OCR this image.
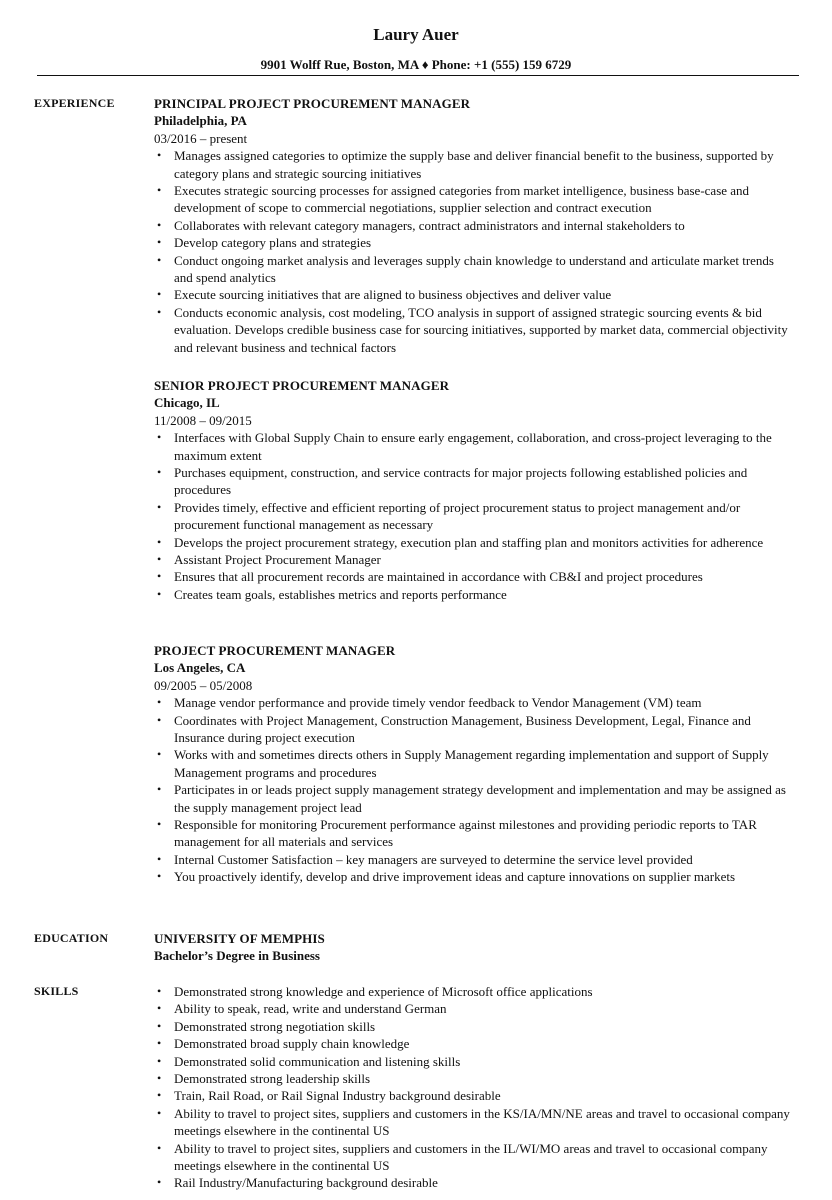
Laury Auer
9901 Wolff Rue, Boston, MA ♦ Phone: +1 (555) 159 6729
EXPERIENCE	PRINCIPAL PROJECT PROCUREMENT MANAGER
Philadelphia, PA
03/2016 – present
• Manages assigned categories to optimize the supply base and deliver financial benefit to the business, supported by category plans and strategic sourcing initiatives
• Executes strategic sourcing processes for assigned categories from market intelligence, business base-case and development of scope to commercial negotiations, supplier selection and contract execution
• Collaborates with relevant category managers, contract administrators and internal stakeholders to
• Develop category plans and strategies
• Conduct ongoing market analysis and leverages supply chain knowledge to understand and articulate market trends and spend analytics
• Execute sourcing initiatives that are aligned to business objectives and deliver value
• Conducts economic analysis, cost modeling, TCO analysis in support of assigned strategic sourcing events & bid evaluation. Develops credible business case for sourcing initiatives, supported by market data, commercial objectivity and relevant business and technical factors
SENIOR PROJECT PROCUREMENT MANAGER
Chicago, IL
11/2008 – 09/2015
• Interfaces with Global Supply Chain to ensure early engagement, collaboration, and cross-project leveraging to the maximum extent
• Purchases equipment, construction, and service contracts for major projects following established policies and procedures
• Provides timely, effective and efficient reporting of project procurement status to project management and/or procurement functional management as necessary
• Develops the project procurement strategy, execution plan and staffing plan and monitors activities for adherence
• Assistant Project Procurement Manager
• Ensures that all procurement records are maintained in accordance with CB&I and project procedures
• Creates team goals, establishes metrics and reports performance
PROJECT PROCUREMENT MANAGER
Los Angeles, CA
09/2005 – 05/2008
• Manage vendor performance and provide timely vendor feedback to Vendor Management (VM) team
• Coordinates with Project Management, Construction Management, Business Development, Legal, Finance and Insurance during project execution
• Works with and sometimes directs others in Supply Management regarding implementation and support of Supply Management programs and procedures
• Participates in or leads project supply management strategy development and implementation and may be assigned as the supply management project lead
• Responsible for monitoring Procurement performance against milestones and providing periodic reports to TAR management for all materials and services
• Internal Customer Satisfaction – key managers are surveyed to determine the service level provided
• You proactively identify, develop and drive improvement ideas and capture innovations on supplier markets
EDUCATION	UNIVERSITY OF MEMPHIS
Bachelor’s Degree in Business
SKILLS	• Demonstrated strong knowledge and experience of Microsoft office applications
• Ability to speak, read, write and understand German
• Demonstrated strong negotiation skills
• Demonstrated broad supply chain knowledge
• Demonstrated solid communication and listening skills
• Demonstrated strong leadership skills
• Train, Rail Road, or Rail Signal Industry background desirable
• Ability to travel to project sites, suppliers and customers in the KS/IA/MN/NE areas and travel to occasional company meetings elsewhere in the continental US
• Ability to travel to project sites, suppliers and customers in the IL/WI/MO areas and travel to occasional company meetings elsewhere in the continental US
• Rail Industry/Manufacturing background desirable
